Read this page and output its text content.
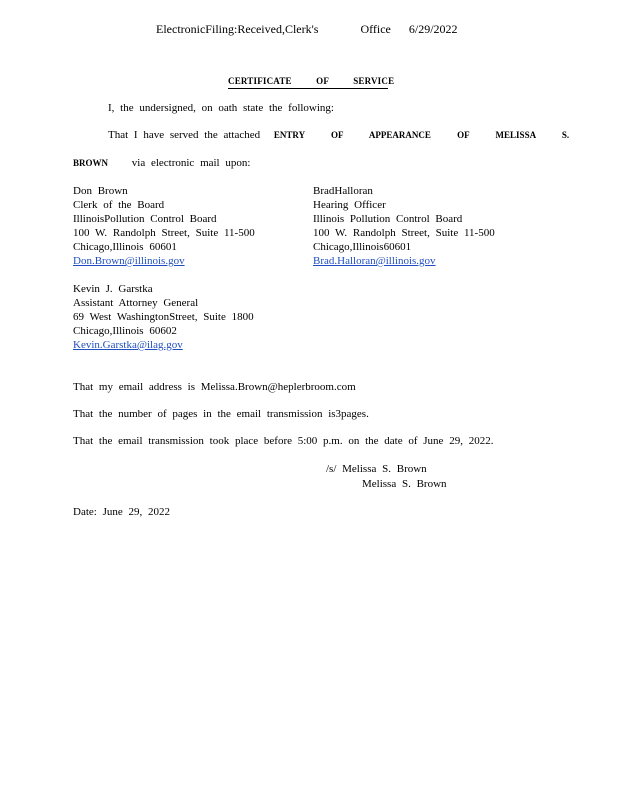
ElectronicFiling:Received,Clerk's	Office 6/29/2022
CERTIFICATE OF SERVICE
I, the undersigned, on oath state the following:
That I have served the attached ENTRY OF APPEARANCE OF MELISSA S.
BROWN via electronic mail upon:
Don Brown
Clerk of the Board
IllinoisPollution Control Board
100 W. Randolph Street, Suite 11-500
Chicago,Illinois 60601
Don.Brown@illinois.gov
BradHalloran
Hearing Officer
Illinois Pollution Control Board
100 W. Randolph Street, Suite 11-500
Chicago,Illinois60601
Brad.Halloran@illinois.gov
Kevin J. Garstka
Assistant Attorney General
69 West WashingtonStreet, Suite 1800
Chicago,Illinois 60602
Kevin.Garstka@ilag.gov
That my email address is Melissa.Brown@heplerbroom.com
That the number of pages in the email transmission is3pages.
That the email transmission took place before 5:00 p.m. on the date of June 29, 2022.
/s/ Melissa S. Brown
Melissa S. Brown
Date: June 29, 2022
